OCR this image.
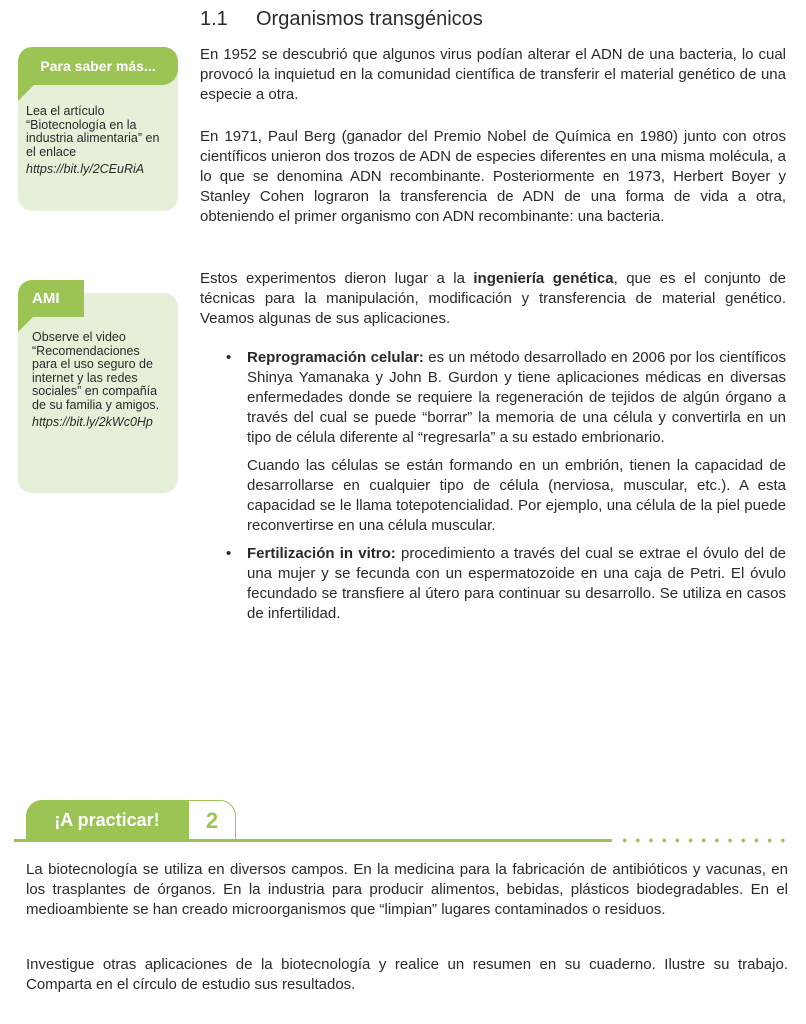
Para saber más...
Lea el artículo “Biotecnología en la industria alimentaria” en el enlace
https://bit.ly/2CEuRiA
AMI
Observe el video “Recomendaciones para el uso seguro de internet y las redes sociales” en compañía de su familia y amigos.
https://bit.ly/2kWc0Hp
1.1 Organismos transgénicos
En 1952 se descubrió que algunos virus podían alterar el ADN de una bacteria, lo cual provocó la inquietud en la comunidad científica de transferir el material genético de una especie a otra.
En 1971, Paul Berg (ganador del Premio Nobel de Química en 1980) junto con otros científicos unieron dos trozos de ADN de especies diferentes en una misma molécula, a lo que se denomina ADN recombinante. Posteriormente en 1973, Herbert Boyer y Stanley Cohen lograron la transferencia de ADN de una forma de vida a otra, obteniendo el primer organismo con ADN recombinante: una bacteria.
Estos experimentos dieron lugar a la ingeniería genética, que es el conjunto de técnicas para la manipulación, modificación y transferencia de material genético. Veamos algunas de sus aplicaciones.
• Reprogramación celular: es un método desarrollado en 2006 por los científicos Shinya Yamanaka y John B. Gurdon y tiene aplicaciones médicas en diversas enfermedades donde se requiere la regeneración de tejidos de algún órgano a través del cual se puede “borrar” la memoria de una célula y convertirla en un tipo de célula diferente al “regresarla” a su estado embrionario.

Cuando las células se están formando en un embrión, tienen la capacidad de desarrollarse en cualquier tipo de célula (nerviosa, muscular, etc.). A esta capacidad se le llama totepotencialidad. Por ejemplo, una célula de la piel puede reconvertirse en una célula muscular.

• Fertilización in vitro: procedimiento a través del cual se extrae el óvulo del de una mujer y se fecunda con un espermatozoide en una caja de Petri. El óvulo fecundado se transfiere al útero para continuar su desarrollo. Se utiliza en casos de infertilidad.

¡A practicar!	2
La biotecnología se utiliza en diversos campos. En la medicina para la fabricación de antibióticos y vacunas, en los trasplantes de órganos. En la industria para producir alimentos, bebidas, plásticos biodegradables. En el medioambiente se han creado microorganismos que “limpian” lugares contaminados o residuos.
Investigue otras aplicaciones de la biotecnología y realice un resumen en su cuaderno. Ilustre su trabajo. Comparta en el círculo de estudio sus resultados.
